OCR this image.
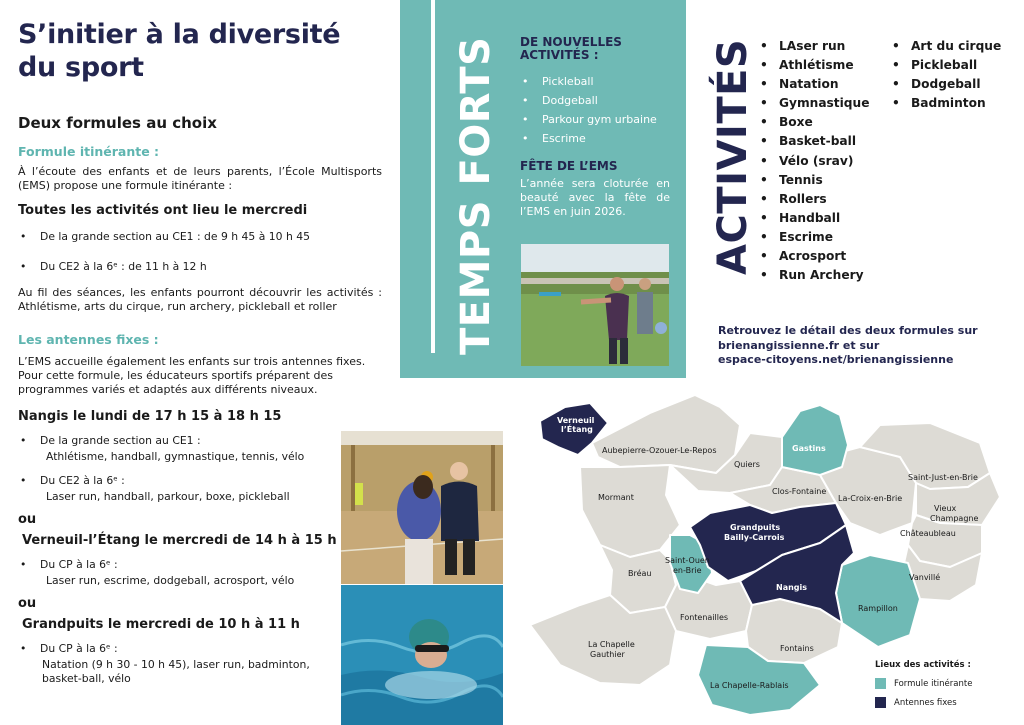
S’initier à la diversité
du sport
Deux formules au choix
Formule itinérante :
À l’écoute des enfants et de leurs parents, l’École Multisports (EMS) propose une formule itinérante :
Toutes les activités ont lieu le mercredi
• De la grande section au CE1 : de 9 h 45 à 10 h 45
• Du CE2 à la 6ᵉ : de 11 h à 12 h
Au fil des séances, les enfants pourront découvrir les activités : Athlétisme, arts du cirque, run archery, pickleball et roller
Les antennes fixes :
L’EMS accueille également les enfants sur trois antennes fixes. Pour cette formule, les éducateurs sportifs préparent des programmes variés et adaptés aux différents niveaux.
Nangis le lundi de 17 h 15 à 18 h 15
• De la grande section au CE1 :
Athlétisme, handball, gymnastique, tennis, vélo
• Du CE2 à la 6ᵉ :
Laser run, handball, parkour, boxe, pickleball
ou
Verneuil-l’Étang le mercredi de 14 h à 15 h
• Du CP à la 6ᵉ :
Laser run, escrime, dodgeball, acrosport, vélo
ou
Grandpuits le mercredi de 10 h à 11 h
• Du CP à la 6ᵉ :
Natation (9 h 30 - 10 h 45), laser run, badminton, basket-ball, vélo
TEMPS FORTS DE NOUVELLES ACTIVITÉS :
• Pickleball
• Dodgeball
• Parkour gym urbaine
• Escrime
FÊTE DE L’EMS
L’année sera cloturée en beauté avec la fête de l’EMS en juin 2026.	ACTIVITÉS
•	LAser run
• Athlétisme
• Natation
• Gymnastique
• Boxe
• Basket-ball
• Vélo (srav)
• Tennis
• Rollers
• Handball
• Escrime
• Acrosport
• Run Archery
• Art du cirque
• Pickleball
• Dodgeball
• Badminton
Retrouvez le détail des deux formules sur
brienangissienne.fr et sur
espace-citoyens.net/brienangissienne
Verneuil
l’Étang
Aubepierre-Ozouer-Le-Repos	Gastins
Quiers
Saint-Just-en-Brie
Mormant
Clos-Fontaine
La-Croix-en-Brie
Vieux
Champagne
Grandpuits
Bailly-Carrois	Châteaubleau
Saint-Ouen
en-Brie
Bréau
Nangis
Vanvillé
Fontenailles
Rampillon
La Chapelle
Gauthier
Fontains
La Chapelle-Rablais
Lieux des activités :
Formule itinérante
Antennes fixes
